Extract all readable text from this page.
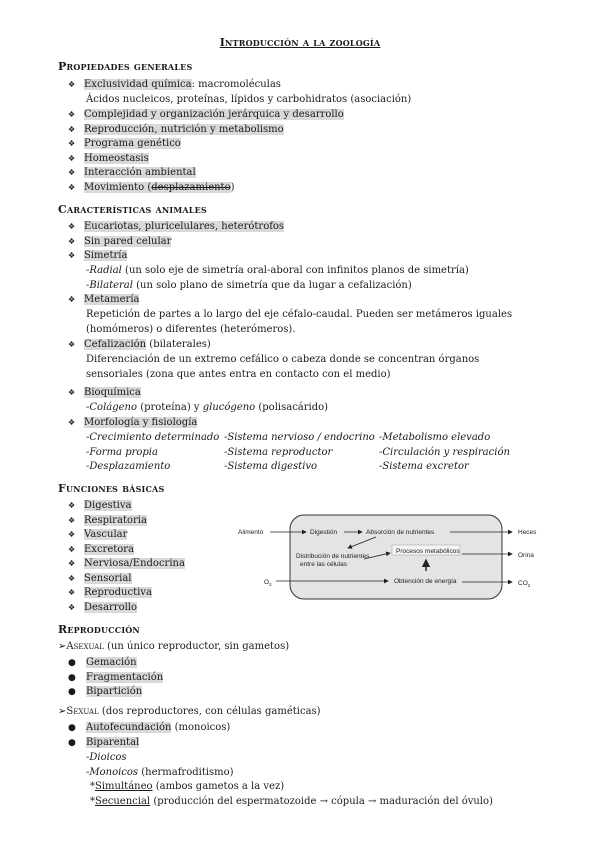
Introducción a la zoología
Propiedades generales
❖ Exclusividad química: macromoléculas
Ácidos nucleicos, proteínas, lípidos y carbohidratos (asociación)
❖ Complejidad y organización jerárquica y desarrollo
❖ Reproducción, nutrición y metabolismo
❖ Programa genético
❖ Homeostasis
❖ Interacción ambiental
❖ Movimiento (desplazamiento)
Características animales
❖ Eucariotas, pluricelulares, heterótrofos
❖ Sin pared celular
❖ Simetría
-Radial (un solo eje de simetría oral-aboral con infinitos planos de simetría)
-Bilateral (un solo plano de simetría que da lugar a cefalización)
❖ Metamería
Repetición de partes a lo largo del eje céfalo-caudal. Pueden ser metámeros iguales (homómeros) o diferentes (heterómeros).
❖ Cefalización (bilaterales)
Diferenciación de un extremo cefálico o cabeza donde se concentran órganos sensoriales (zona que antes entra en contacto con el medio)
❖ Bioquímica
-Colágeno (proteína) y glucógeno (polisacárido)
❖ Morfología y fisiología
-Crecimiento determinado -Sistema nervioso / endocrino -Metabolismo elevado
-Forma propia	-Sistema reproductor	-Circulación y respiración
-Desplazamiento	-Sistema digestivo	-Sistema excretor
Funciones básicas
❖ Digestiva
❖ Respiratoria
❖ Vascular
❖ Excretora
❖ Nerviosa/Endocrina
❖ Sensorial
❖ Reproductiva
❖ Desarrollo
Alimento	Digestión	Absorción de nutrientes	Heces
Distribución de nutrientes
entre las células
Procesos metabólicos
Orina
$O_2$	Obtención de energía	$CO_2$
Reproducción
➢Asexual (un único reproductor, sin gametos)
● Gemación
● Fragmentación
● Bipartición
➢Sexual (dos reproductores, con células gaméticas)
● Autofecundación (monoicos)
● Biparental
-Dioicos
-Monoicos (hermafroditismo)
*Simultáneo (ambos gametos a la vez)
*Secuencial (producción del espermatozoide → cópula → maduración del óvulo)
